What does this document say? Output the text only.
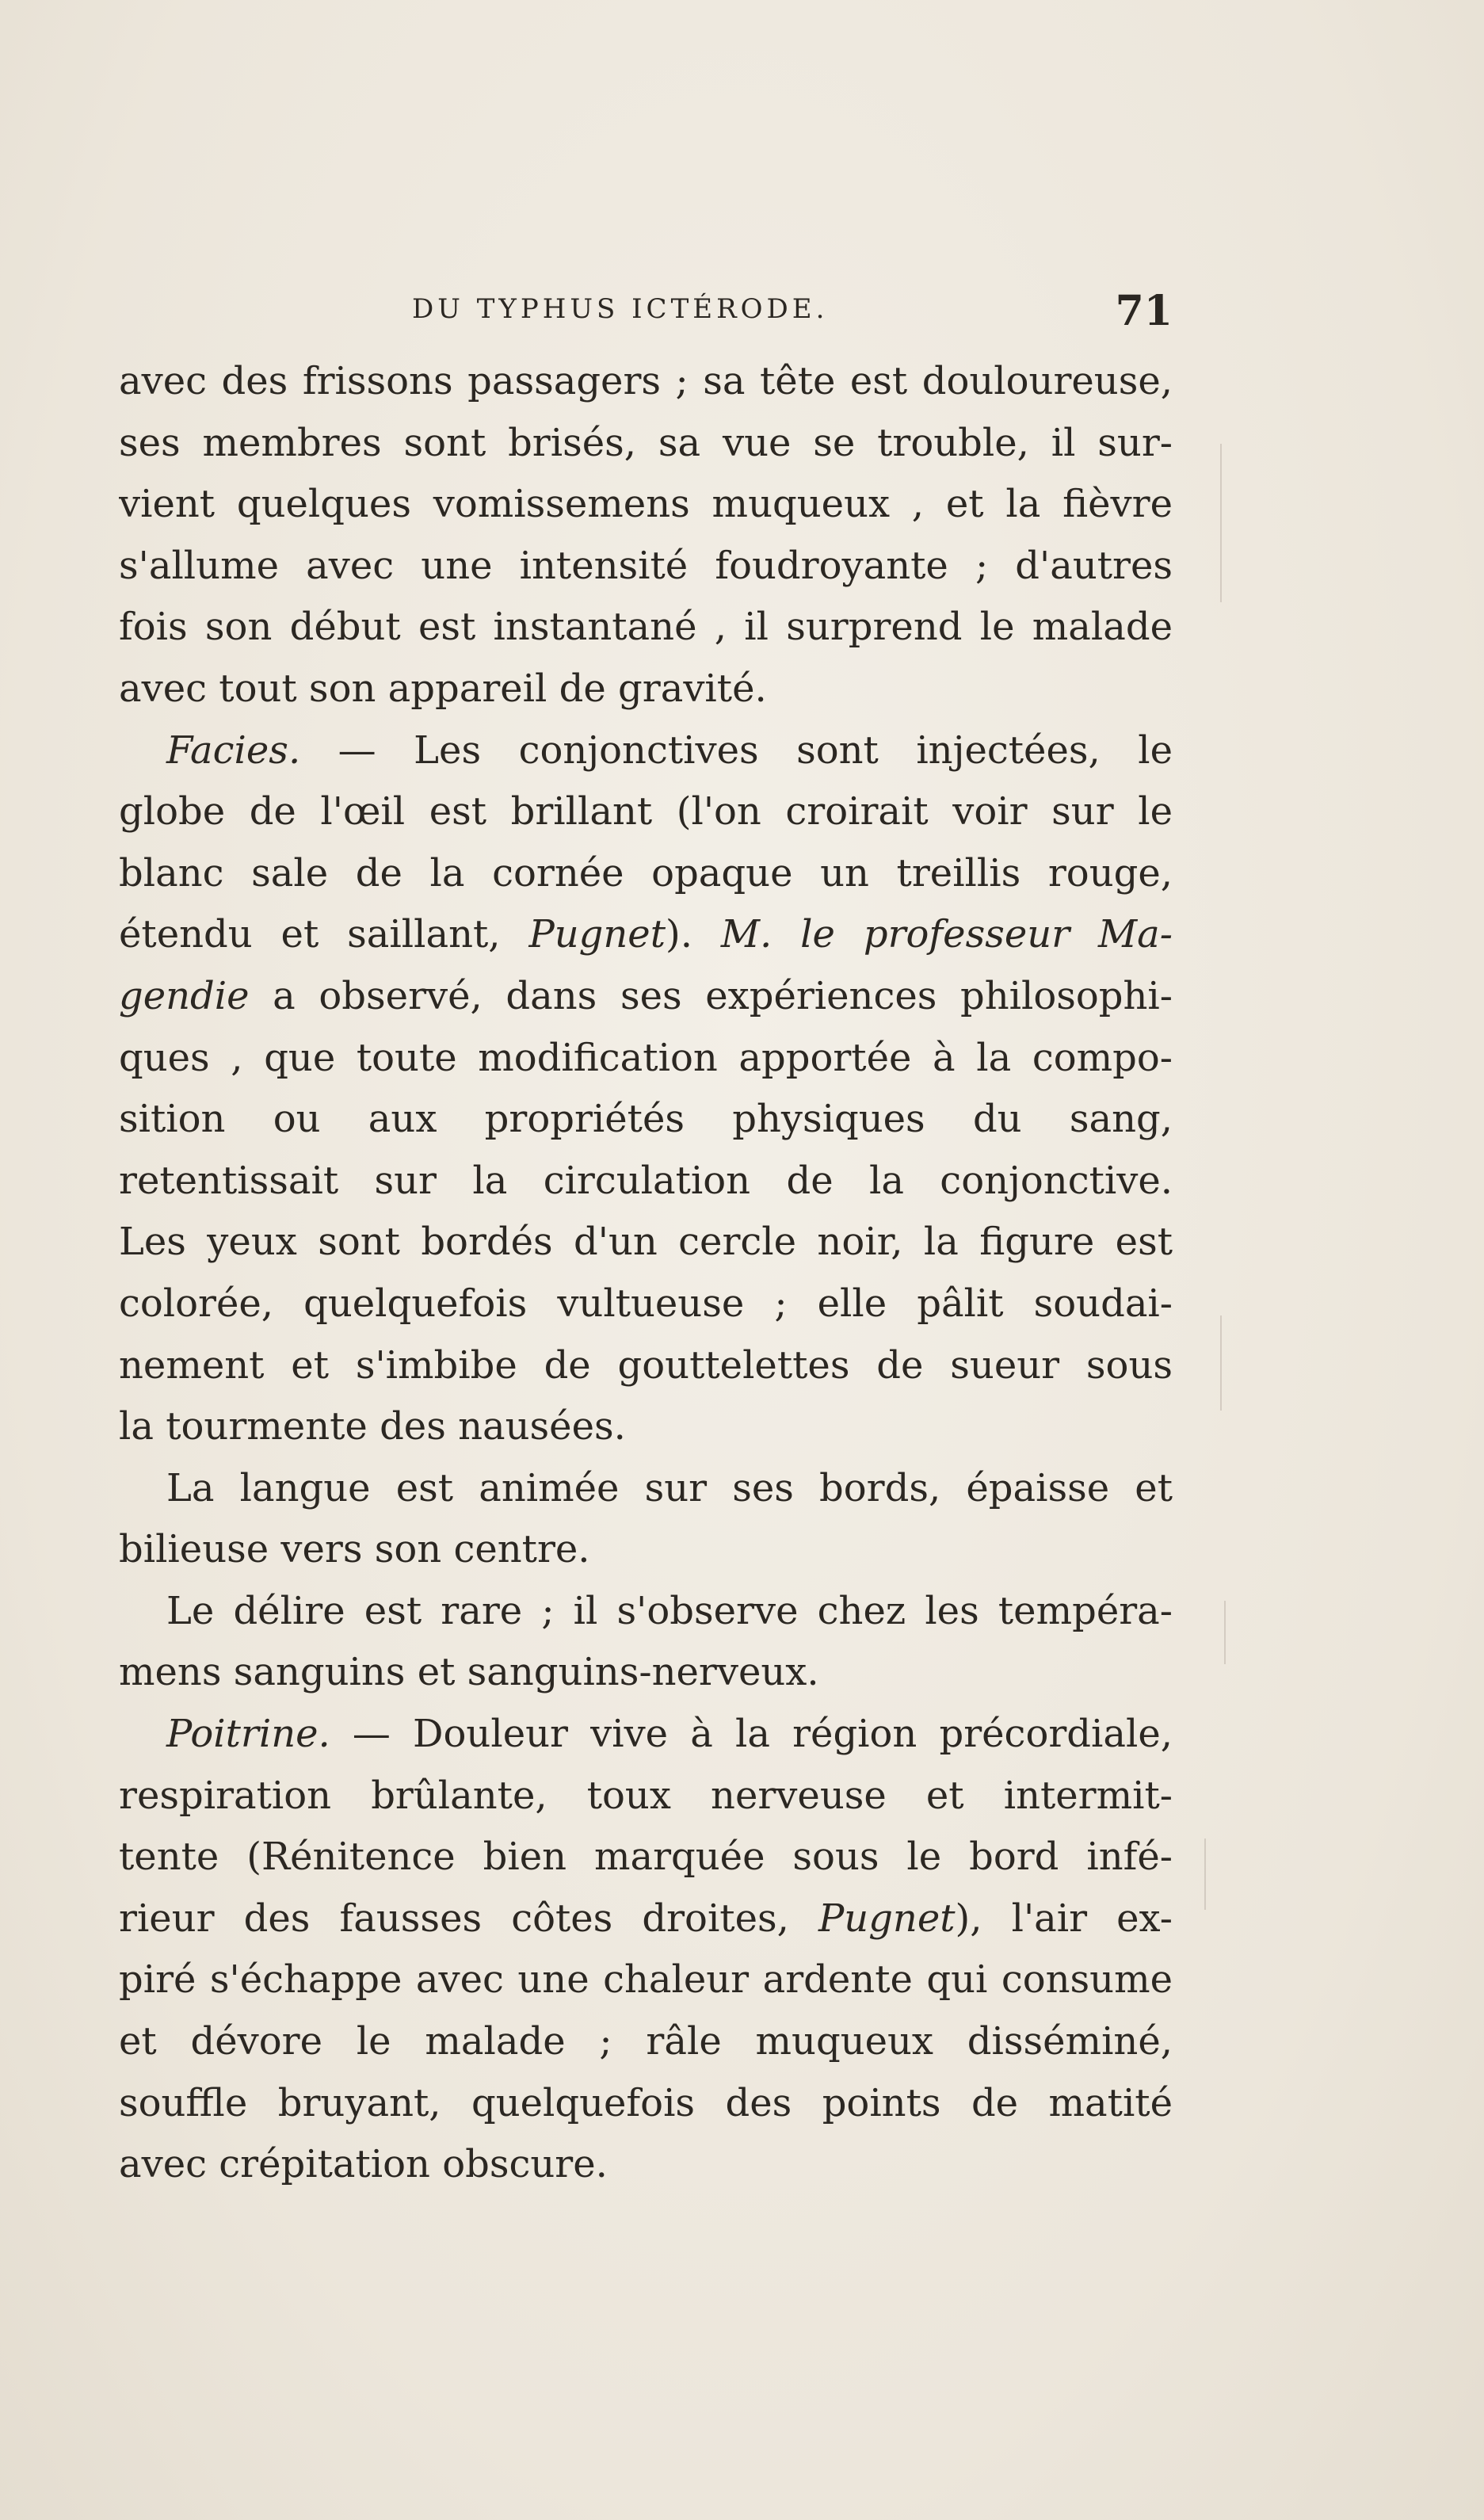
DU TYPHUS ICTÉRODE.	71
avec des frissons passagers ; sa tête est douloureuse,
ses membres sont brisés, sa vue se trouble, il sur-
vient quelques vomissemens muqueux , et la fièvre
s'allume avec une intensité foudroyante ; d'autres
fois son début est instantané , il surprend le malade
avec tout son appareil de gravité.
Facies. — Les conjonctives sont injectées, le
globe de l'œil est brillant (l'on croirait voir sur le
blanc sale de la cornée opaque un treillis rouge,
étendu et saillant, Pugnet). M. le professeur Ma-
gendie a observé, dans ses expériences philosophi-
ques , que toute modification apportée à la compo-
sition ou aux propriétés physiques du sang,
retentissait sur la circulation de la conjonctive.
Les yeux sont bordés d'un cercle noir, la figure est
colorée, quelquefois vultueuse ; elle pâlit soudai-
nement et s'imbibe de gouttelettes de sueur sous
la tourmente des nausées.
La langue est animée sur ses bords, épaisse et
bilieuse vers son centre.
Le délire est rare ; il s'observe chez les tempéra-
mens sanguins et sanguins-nerveux.
Poitrine. — Douleur vive à la région précordiale,
respiration brûlante, toux nerveuse et intermit-
tente (Rénitence bien marquée sous le bord infé-
rieur des fausses côtes droites, Pugnet), l'air ex-
piré s'échappe avec une chaleur ardente qui consume
et dévore le malade ; râle muqueux disséminé,
souffle bruyant, quelquefois des points de matité
avec crépitation obscure.
